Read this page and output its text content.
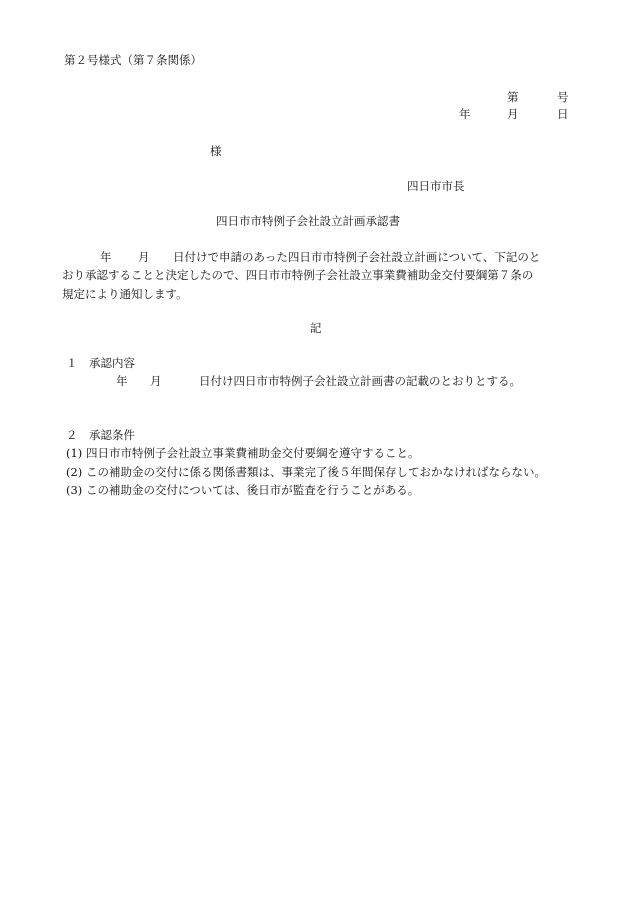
第２号様式（第７条関係）
第	号
年	月	日
様
四日市市長
四日市市特例子会社設立計画承認書
年 月 日付けで申請のあった四日市市特例子会社設立計画について、下記のと
おり承認することと決定したので、四日市市特例子会社設立事業費補助金交付要綱第７条の
規定により通知します。
記
１　承認内容
年 月	日付け四日市市特例子会社設立計画書の記載のとおりとする。
２　承認条件
(1) 四日市市特例子会社設立事業費補助金交付要綱を遵守すること。
(2) この補助金の交付に係る関係書類は、事業完了後５年間保存しておかなければならない。
(3) この補助金の交付については、後日市が監査を行うことがある。
